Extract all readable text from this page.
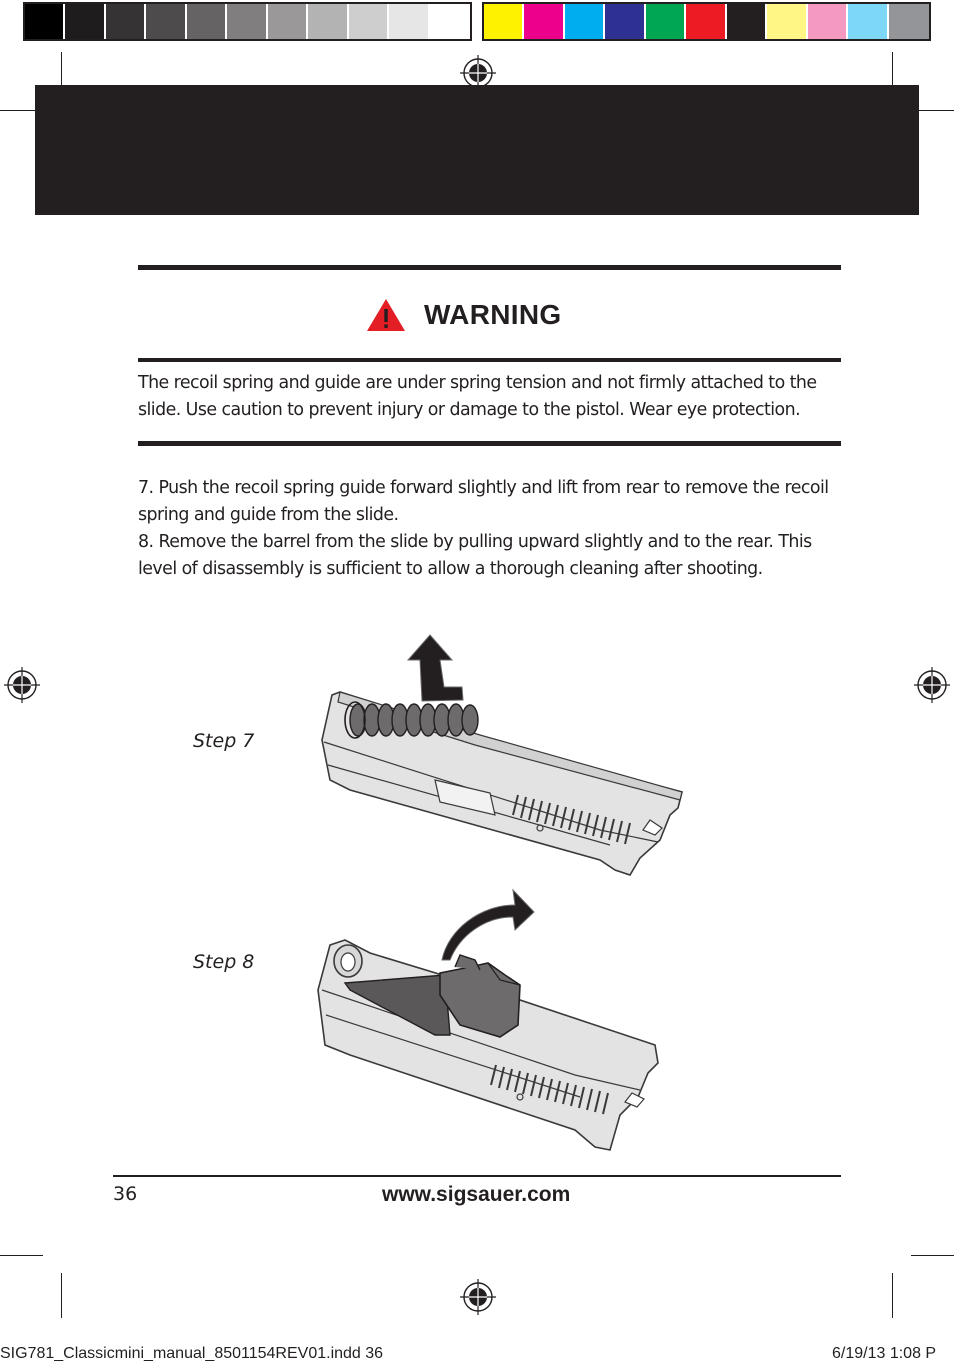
WARNING
The recoil spring and guide are under spring tension and not firmly attached to the slide. Use caution to prevent injury or damage to the pistol. Wear eye protection.

7. Push the recoil spring guide forward slightly and lift from rear to remove the recoil spring and guide from the slide.

8. Remove the barrel from the slide by pulling upward slightly and to the rear. This level of disassembly is sufficient to allow a thorough cleaning after shooting.

Step 7
Step 8
36	www.sigsauer.com
SIG781_Classicmini_manual_8501154REV01.indd 36	6/19/13 1:08 P
